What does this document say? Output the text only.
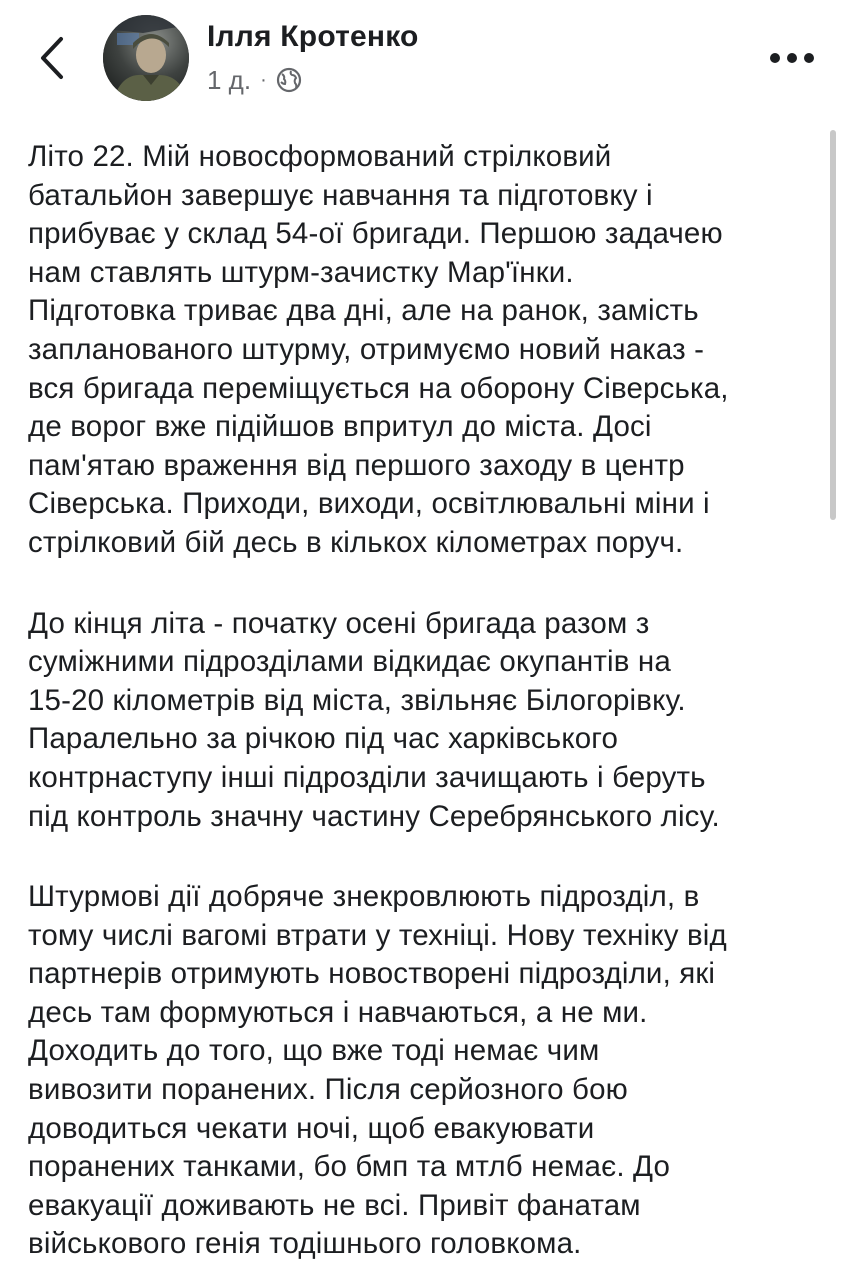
Ілля Кротенко
1 д. ·

Літо 22. Мій новосформований стрілковий
батальйон завершує навчання та підготовку і
прибуває у склад 54-ої бригади. Першою задачею
нам ставлять штурм-зачистку Мар'їнки.
Підготовка триває два дні, але на ранок, замість
запланованого штурму, отримуємо новий наказ -
вся бригада переміщується на оборону Сіверська,
де ворог вже підійшов впритул до міста. Досі
пам'ятаю враження від першого заходу в центр
Сіверська. Приходи, виходи, освітлювальні міни і
стрілковий бій десь в кількох кілометрах поруч.

До кінця літа - початку осені бригада разом з
суміжними підрозділами відкидає окупантів на
15-20 кілометрів від міста, звільняє Білогорівку.
Паралельно за річкою під час харківського
контрнаступу інші підрозділи зачищають і беруть
під контроль значну частину Серебрянського лісу.

Штурмові дії добряче знекровлюють підрозділ, в
тому числі вагомі втрати у техніці. Нову техніку від
партнерів отримують новостворені підрозділи, які
десь там формуються і навчаються, а не ми.
Доходить до того, що вже тоді немає чим
вивозити поранених. Після серйозного бою
доводиться чекати ночі, щоб евакуювати
поранених танками, бо бмп та мтлб немає. До
евакуації доживають не всі. Привіт фанатам
військового генія тодішнього головкома.
